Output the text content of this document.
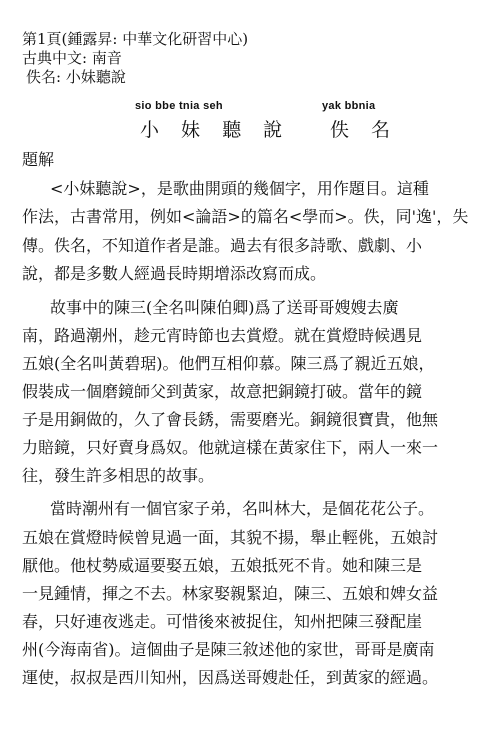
第1頁(鍾露昇: 中華文化研習中心)
古典中文: 南音
佚名: 小妹聽說
sio bbe tnia seh	yak bbnia
小 妹 聽 說 佚 名
題解
<小妹聽說>，是歌曲開頭的幾個字，用作題目。這種
作法，古書常用，例如<論語>的篇名<學而>。佚，同'逸'，失
傳。佚名，不知道作者是誰。過去有很多詩歌、戲劇、小
說，都是多數人經過長時期增添改寫而成。
故事中的陳三(全名叫陳伯卿)爲了送哥哥嫂嫂去廣
南，路過潮州，趁元宵時節也去賞燈。就在賞燈時候遇見
五娘(全名叫黃碧琚)。他們互相仰慕。陳三爲了親近五娘，
假裝成一個磨鏡師父到黃家，故意把銅鏡打破。當年的鏡
子是用銅做的，久了會長銹，需要磨光。銅鏡很寶貴，他無
力賠鏡，只好賣身爲奴。他就這樣在黃家住下，兩人一來一
往，發生許多相思的故事。
當時潮州有一個官家子弟，名叫林大，是個花花公子。
五娘在賞燈時候曾見過一面，其貌不揚，舉止輕佻，五娘討
厭他。他杖勢威逼要娶五娘，五娘抵死不肯。她和陳三是
一見鍾情，揮之不去。林家娶親緊迫，陳三、五娘和婢女益
春，只好連夜逃走。可惜後來被捉住，知州把陳三發配崖
州(今海南省)。這個曲子是陳三敘述他的家世，哥哥是廣南
運使，叔叔是西川知州，因爲送哥嫂赴任，到黃家的經過。
